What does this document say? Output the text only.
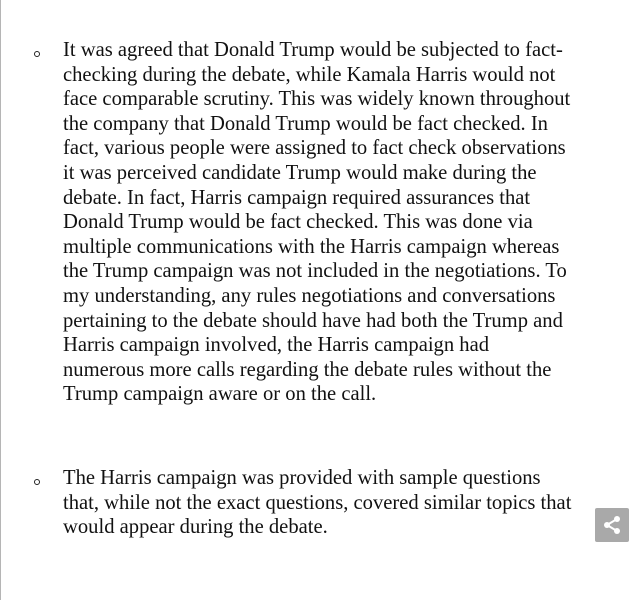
It was agreed that Donald Trump would be subjected to fact-
checking during the debate, while Kamala Harris would not
face comparable scrutiny. This was widely known throughout
the company that Donald Trump would be fact checked. In
fact, various people were assigned to fact check observations
it was perceived candidate Trump would make during the
debate. In fact, Harris campaign required assurances that
Donald Trump would be fact checked. This was done via
multiple communications with the Harris campaign whereas
the Trump campaign was not included in the negotiations. To
my understanding, any rules negotiations and conversations
pertaining to the debate should have had both the Trump and
Harris campaign involved, the Harris campaign had
numerous more calls regarding the debate rules without the
Trump campaign aware or on the call.

The Harris campaign was provided with sample questions
that, while not the exact questions, covered similar topics that
would appear during the debate.
